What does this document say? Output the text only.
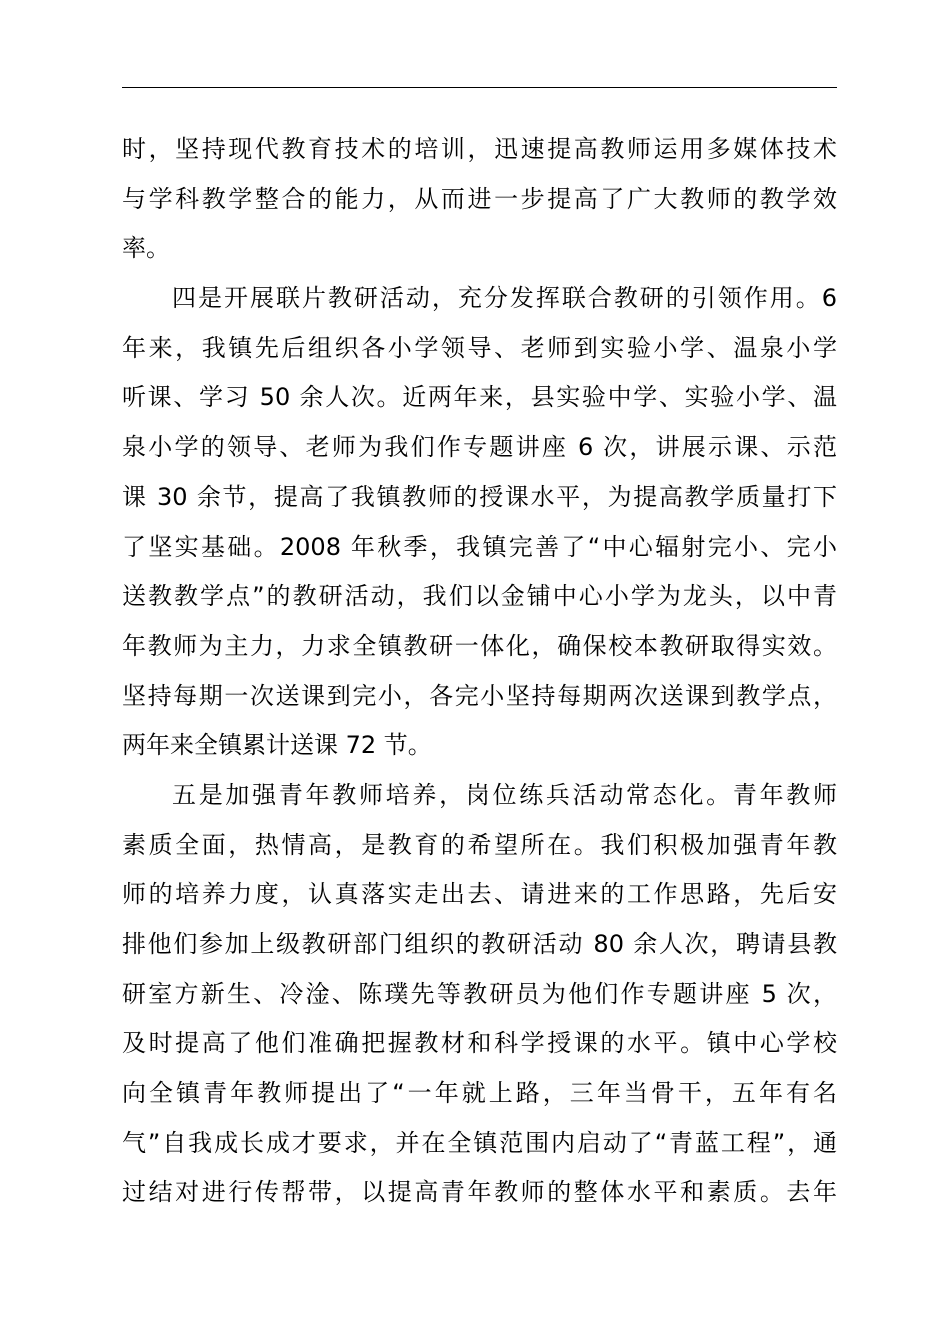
时，坚持现代教育技术的培训，迅速提高教师运用多媒体技术
与学科教学整合的能力，从而进一步提高了广大教师的教学效
率。
四是开展联片教研活动，充分发挥联合教研的引领作用。6
年来，我镇先后组织各小学领导、老师到实验小学、温泉小学
听课、学习 50 余人次。近两年来，县实验中学、实验小学、温
泉小学的领导、老师为我们作专题讲座 6 次，讲展示课、示范
课 30 余节，提高了我镇教师的授课水平，为提高教学质量打下
了坚实基础。2008 年秋季，我镇完善了“中心辐射完小、完小
送教教学点”的教研活动，我们以金铺中心小学为龙头，以中青
年教师为主力，力求全镇教研一体化，确保校本教研取得实效。
坚持每期一次送课到完小，各完小坚持每期两次送课到教学点，
两年来全镇累计送课 72 节。
五是加强青年教师培养，岗位练兵活动常态化。青年教师
素质全面，热情高，是教育的希望所在。我们积极加强青年教
师的培养力度，认真落实走出去、请进来的工作思路，先后安
排他们参加上级教研部门组织的教研活动 80 余人次，聘请县教
研室方新生、冷淦、陈璞先等教研员为他们作专题讲座 5 次，
及时提高了他们准确把握教材和科学授课的水平。镇中心学校
向全镇青年教师提出了“一年就上路，三年当骨干，五年有名
气”自我成长成才要求，并在全镇范围内启动了“青蓝工程”，通
过结对进行传帮带，以提高青年教师的整体水平和素质。去年
